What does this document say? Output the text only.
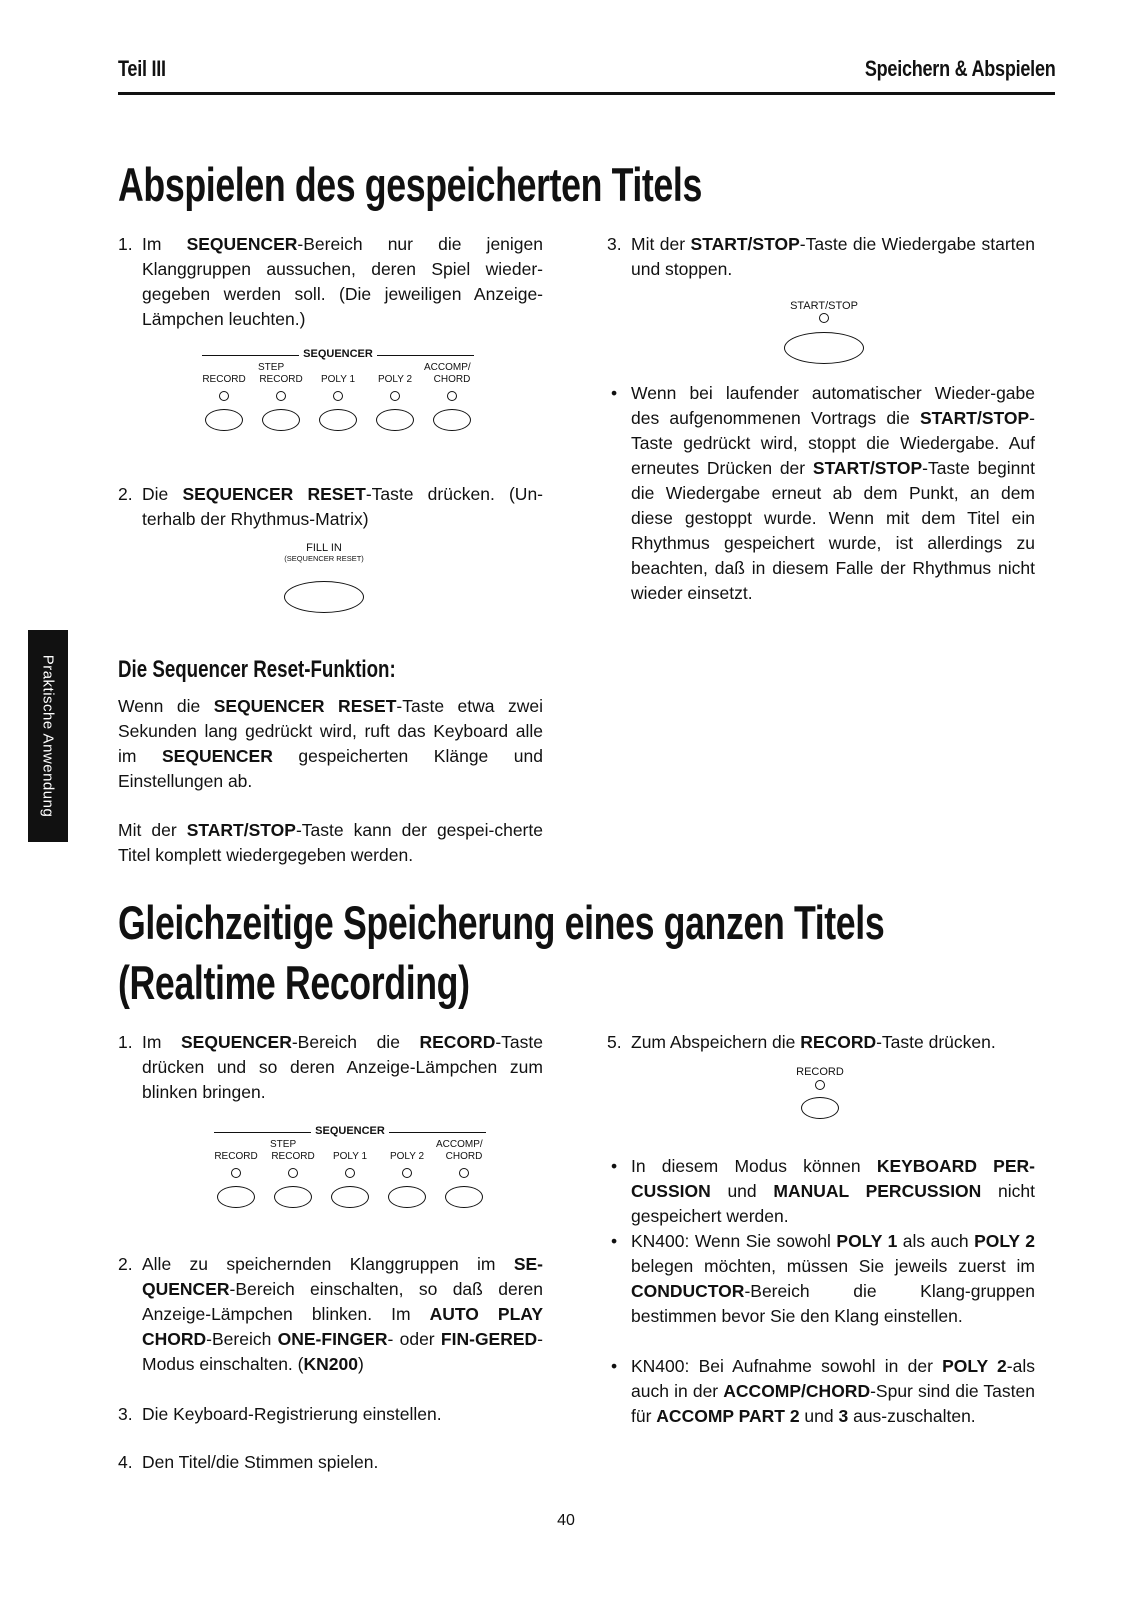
Teil III	Speichern & Abspielen
Praktische Anwendung
Abspielen des gespeicherten Titels
1. Im SEQUENCER-Bereich nur die jenigen Klanggruppen aussuchen, deren Spiel wieder-gegeben werden soll. (Die jeweiligen Anzeige-Lämpchen leuchten.)
SEQUENCER
STEP	ACCOMP/
RECORD	RECORD	POLY 1	POLY 2	CHORD
2. Die SEQUENCER RESET-Taste drücken. (Un-terhalb der Rhythmus-Matrix)
FILL IN
(SEQUENCER RESET)
Die Sequencer Reset-Funktion:
Wenn die SEQUENCER RESET-Taste etwa zwei Sekunden lang gedrückt wird, ruft das Keyboard alle im SEQUENCER gespeicherten Klänge und Einstellungen ab.
Mit der START/STOP-Taste kann der gespei-cherte Titel komplett wiedergegeben werden.
3. Mit der START/STOP-Taste die Wiedergabe starten und stoppen.
START/STOP
• Wenn bei laufender automatischer Wieder-gabe des aufgenommenen Vortrags die START/STOP-Taste gedrückt wird, stoppt die Wiedergabe. Auf erneutes Drücken der START/STOP-Taste beginnt die Wiedergabe erneut ab dem Punkt, an dem diese gestoppt wurde. Wenn mit dem Titel ein Rhythmus gespeichert wurde, ist allerdings zu beachten, daß in diesem Falle der Rhythmus nicht wieder einsetzt.
Gleichzeitige Speicherung eines ganzen Titels
(Realtime Recording)
1. Im SEQUENCER-Bereich die RECORD-Taste drücken und so deren Anzeige-Lämpchen zum blinken bringen.
SEQUENCER
STEP	ACCOMP/
RECORD	RECORD	POLY 1	POLY 2	CHORD
2. Alle zu speichernden Klanggruppen im SE-QUENCER-Bereich einschalten, so daß deren Anzeige-Lämpchen blinken. Im AUTO PLAY CHORD-Bereich ONE-FINGER- oder FIN-GERED-Modus einschalten. (KN200)
3. Die Keyboard-Registrierung einstellen.
4. Den Titel/die Stimmen spielen.
5. Zum Abspeichern die RECORD-Taste drücken.
RECORD
• In diesem Modus können KEYBOARD PER-CUSSION und MANUAL PERCUSSION nicht gespeichert werden.
• KN400: Wenn Sie sowohl POLY 1 als auch POLY 2 belegen möchten, müssen Sie jeweils zuerst im CONDUCTOR-Bereich die Klang-gruppen bestimmen bevor Sie den Klang einstellen.
• KN400: Bei Aufnahme sowohl in der POLY 2-als auch in der ACCOMP/CHORD-Spur sind die Tasten für ACCOMP PART 2 und 3 aus-zuschalten.
40
